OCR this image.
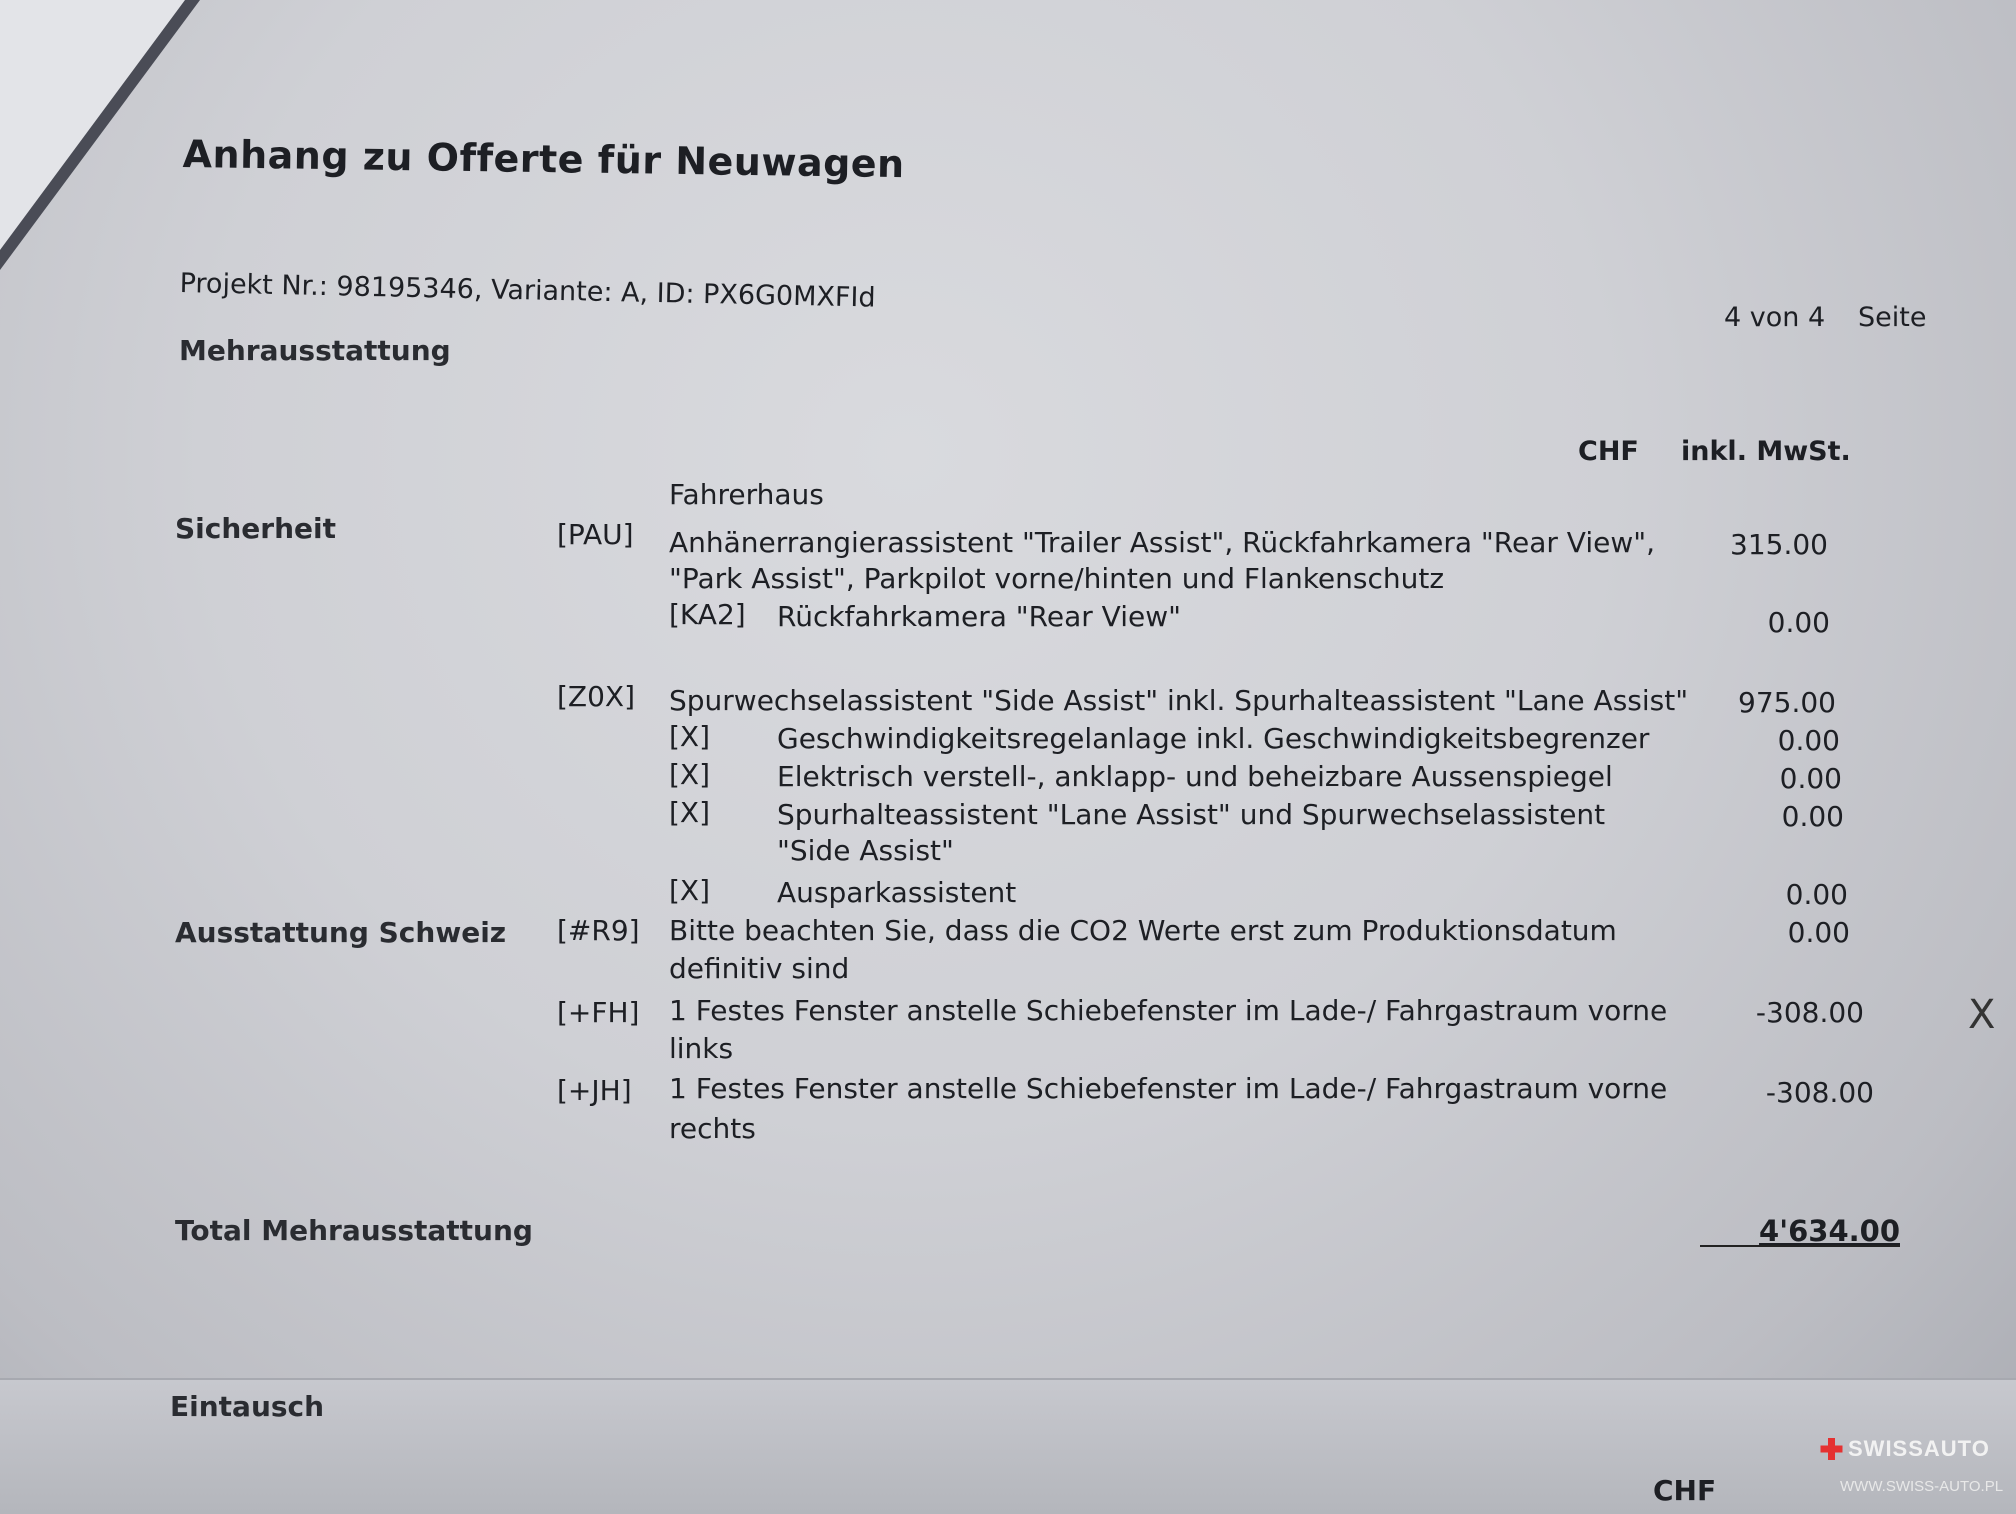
Anhang zu Offerte für Neuwagen
Projekt Nr.: 98195346, Variante: A, ID: PX6G0MXFId
4 von 4 Seite
Mehrausstattung
CHF inkl. MwSt.
Sicherheit
Fahrerhaus
[PAU] Anhänerrangierassistent "Trailer Assist", Rückfahrkamera "Rear View",
"Park Assist", Parkpilot vorne/hinten und Flankenschutz
315.00
[KA2] Rückfahrkamera "Rear View"	0.00
[Z0X] Spurwechselassistent "Side Assist" inkl. Spurhalteassistent "Lane Assist"	975.00
[X] Geschwindigkeitsregelanlage inkl. Geschwindigkeitsbegrenzer	0.00
[X] Elektrisch verstell-, anklapp- und beheizbare Aussenspiegel	0.00
[X] Spurhalteassistent "Lane Assist" und Spurwechselassistent
"Side Assist"
0.00
[X] Ausparkassistent	0.00
Ausstattung Schweiz [#R9] Bitte beachten Sie, dass die CO2 Werte erst zum Produktionsdatum
definitiv sind
0.00
[+FH] 1 Festes Fenster anstelle Schiebefenster im Lade-/ Fahrgastraum vorne
links
-308.00
[+JH] 1 Festes Fenster anstelle Schiebefenster im Lade-/ Fahrgastraum vorne
rechts
-308.00
X
Total Mehrausstattung	4'634.00
Eintausch
CHF
SWISSAUTO
WWW.SWISS-AUTO.PL
